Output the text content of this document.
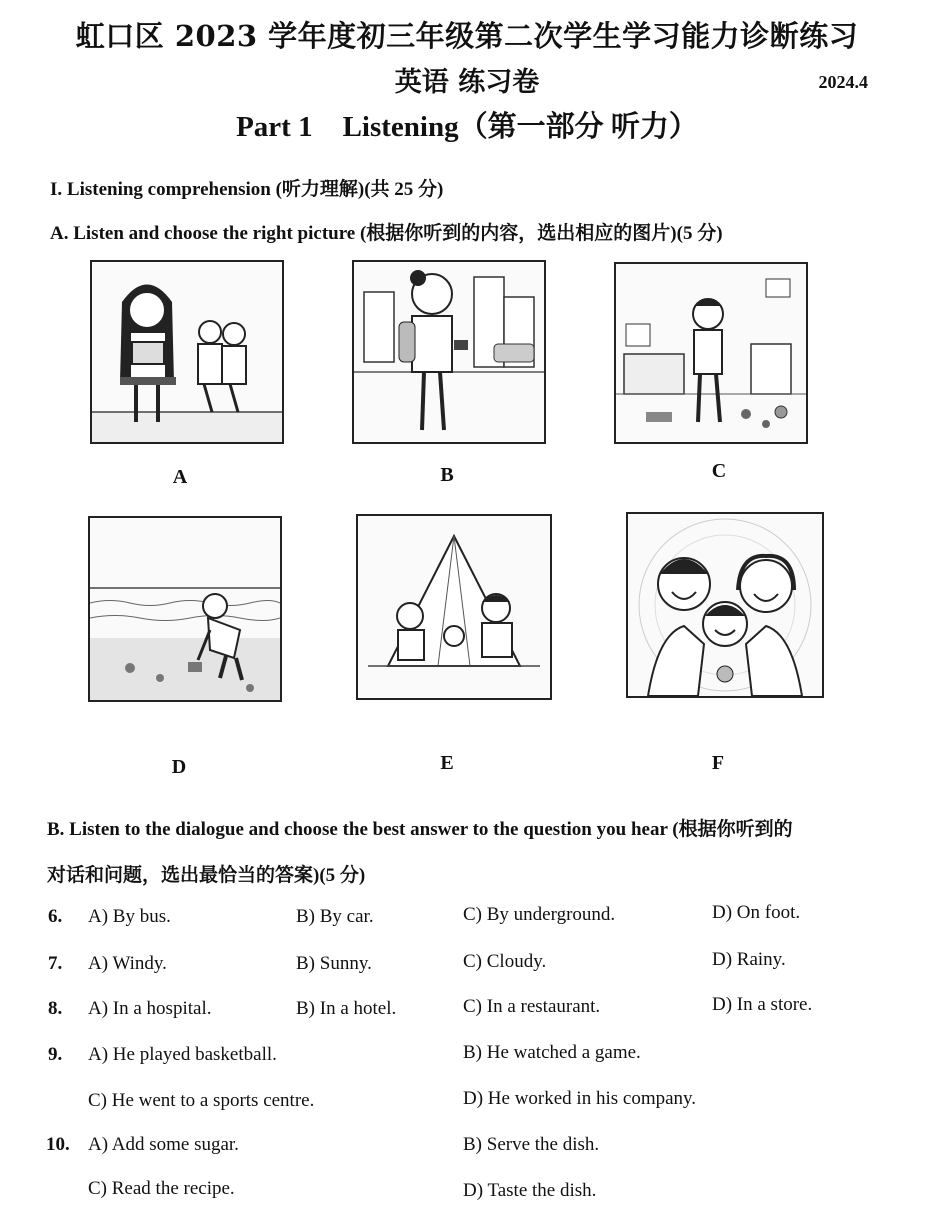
虹口区 2023 学年度初三年级第二次学生学习能力诊断练习
英语 练习卷	2024.4
Part 1 Listening（第一部分 听力）
I. Listening comprehension (听力理解)(共 25 分)
A. Listen and choose the right picture (根据你听到的内容，选出相应的图片)(5 分)
A	B	C
D	E	F
B. Listen to the dialogue and choose the best answer to the question you hear (根据你听到的
对话和问题，选出最恰当的答案)(5 分)
6. A) By bus.	B) By car.	C) By underground.	D) On foot.
7. A) Windy.	B) Sunny.	C) Cloudy.	D) Rainy.
8. A) In a hospital.	B) In a hotel.	C) In a restaurant.	D) In a store.
9. A) He played basketball.	B) He watched a game.
C) He went to a sports centre.	D) He worked in his company.
10. A) Add some sugar.	B) Serve the dish.
C) Read the recipe.	D) Taste the dish.
